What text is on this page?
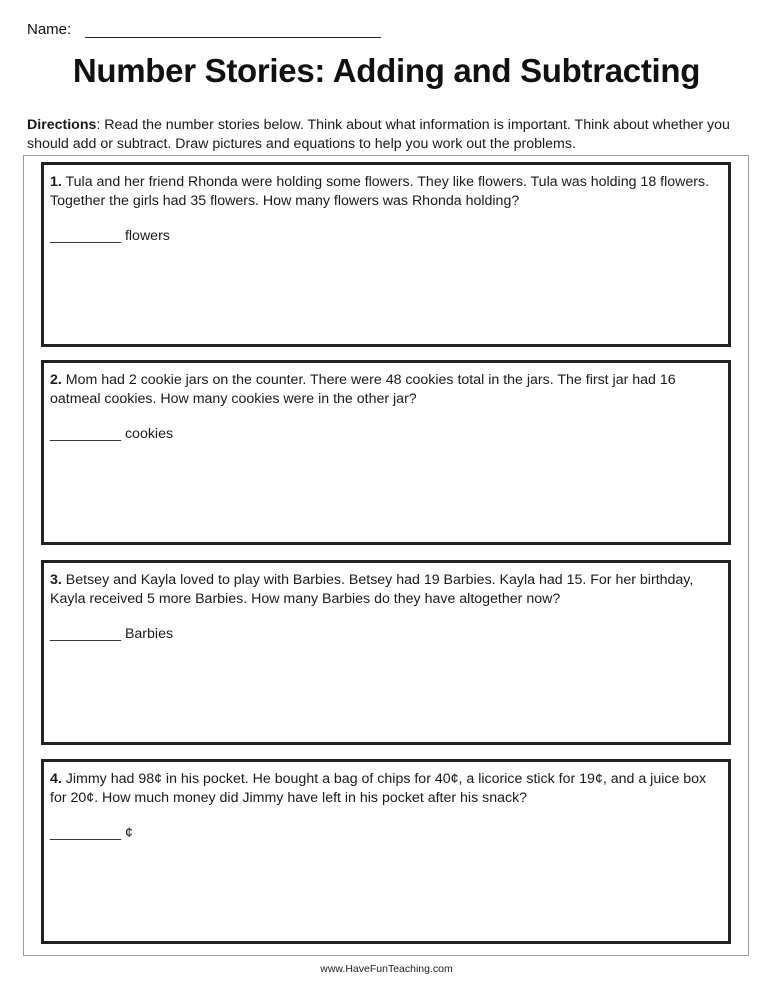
Name:
Number Stories: Adding and Subtracting
Directions: Read the number stories below. Think about what information is important. Think about whether you should add or subtract. Draw pictures and equations to help you work out the problems.
1. Tula and her friend Rhonda were holding some flowers. They like flowers. Tula was holding 18 flowers. Together the girls had 35 flowers. How many flowers was Rhonda holding?
_________ flowers
2. Mom had 2 cookie jars on the counter. There were 48 cookies total in the jars. The first jar had 16 oatmeal cookies. How many cookies were in the other jar?
_________ cookies
3. Betsey and Kayla loved to play with Barbies. Betsey had 19 Barbies. Kayla had 15. For her birthday, Kayla received 5 more Barbies. How many Barbies do they have altogether now?
_________ Barbies
4. Jimmy had 98¢ in his pocket. He bought a bag of chips for 40¢, a licorice stick for 19¢, and a juice box for 20¢. How much money did Jimmy have left in his pocket after his snack?
_________ ¢
www.HaveFunTeaching.com
